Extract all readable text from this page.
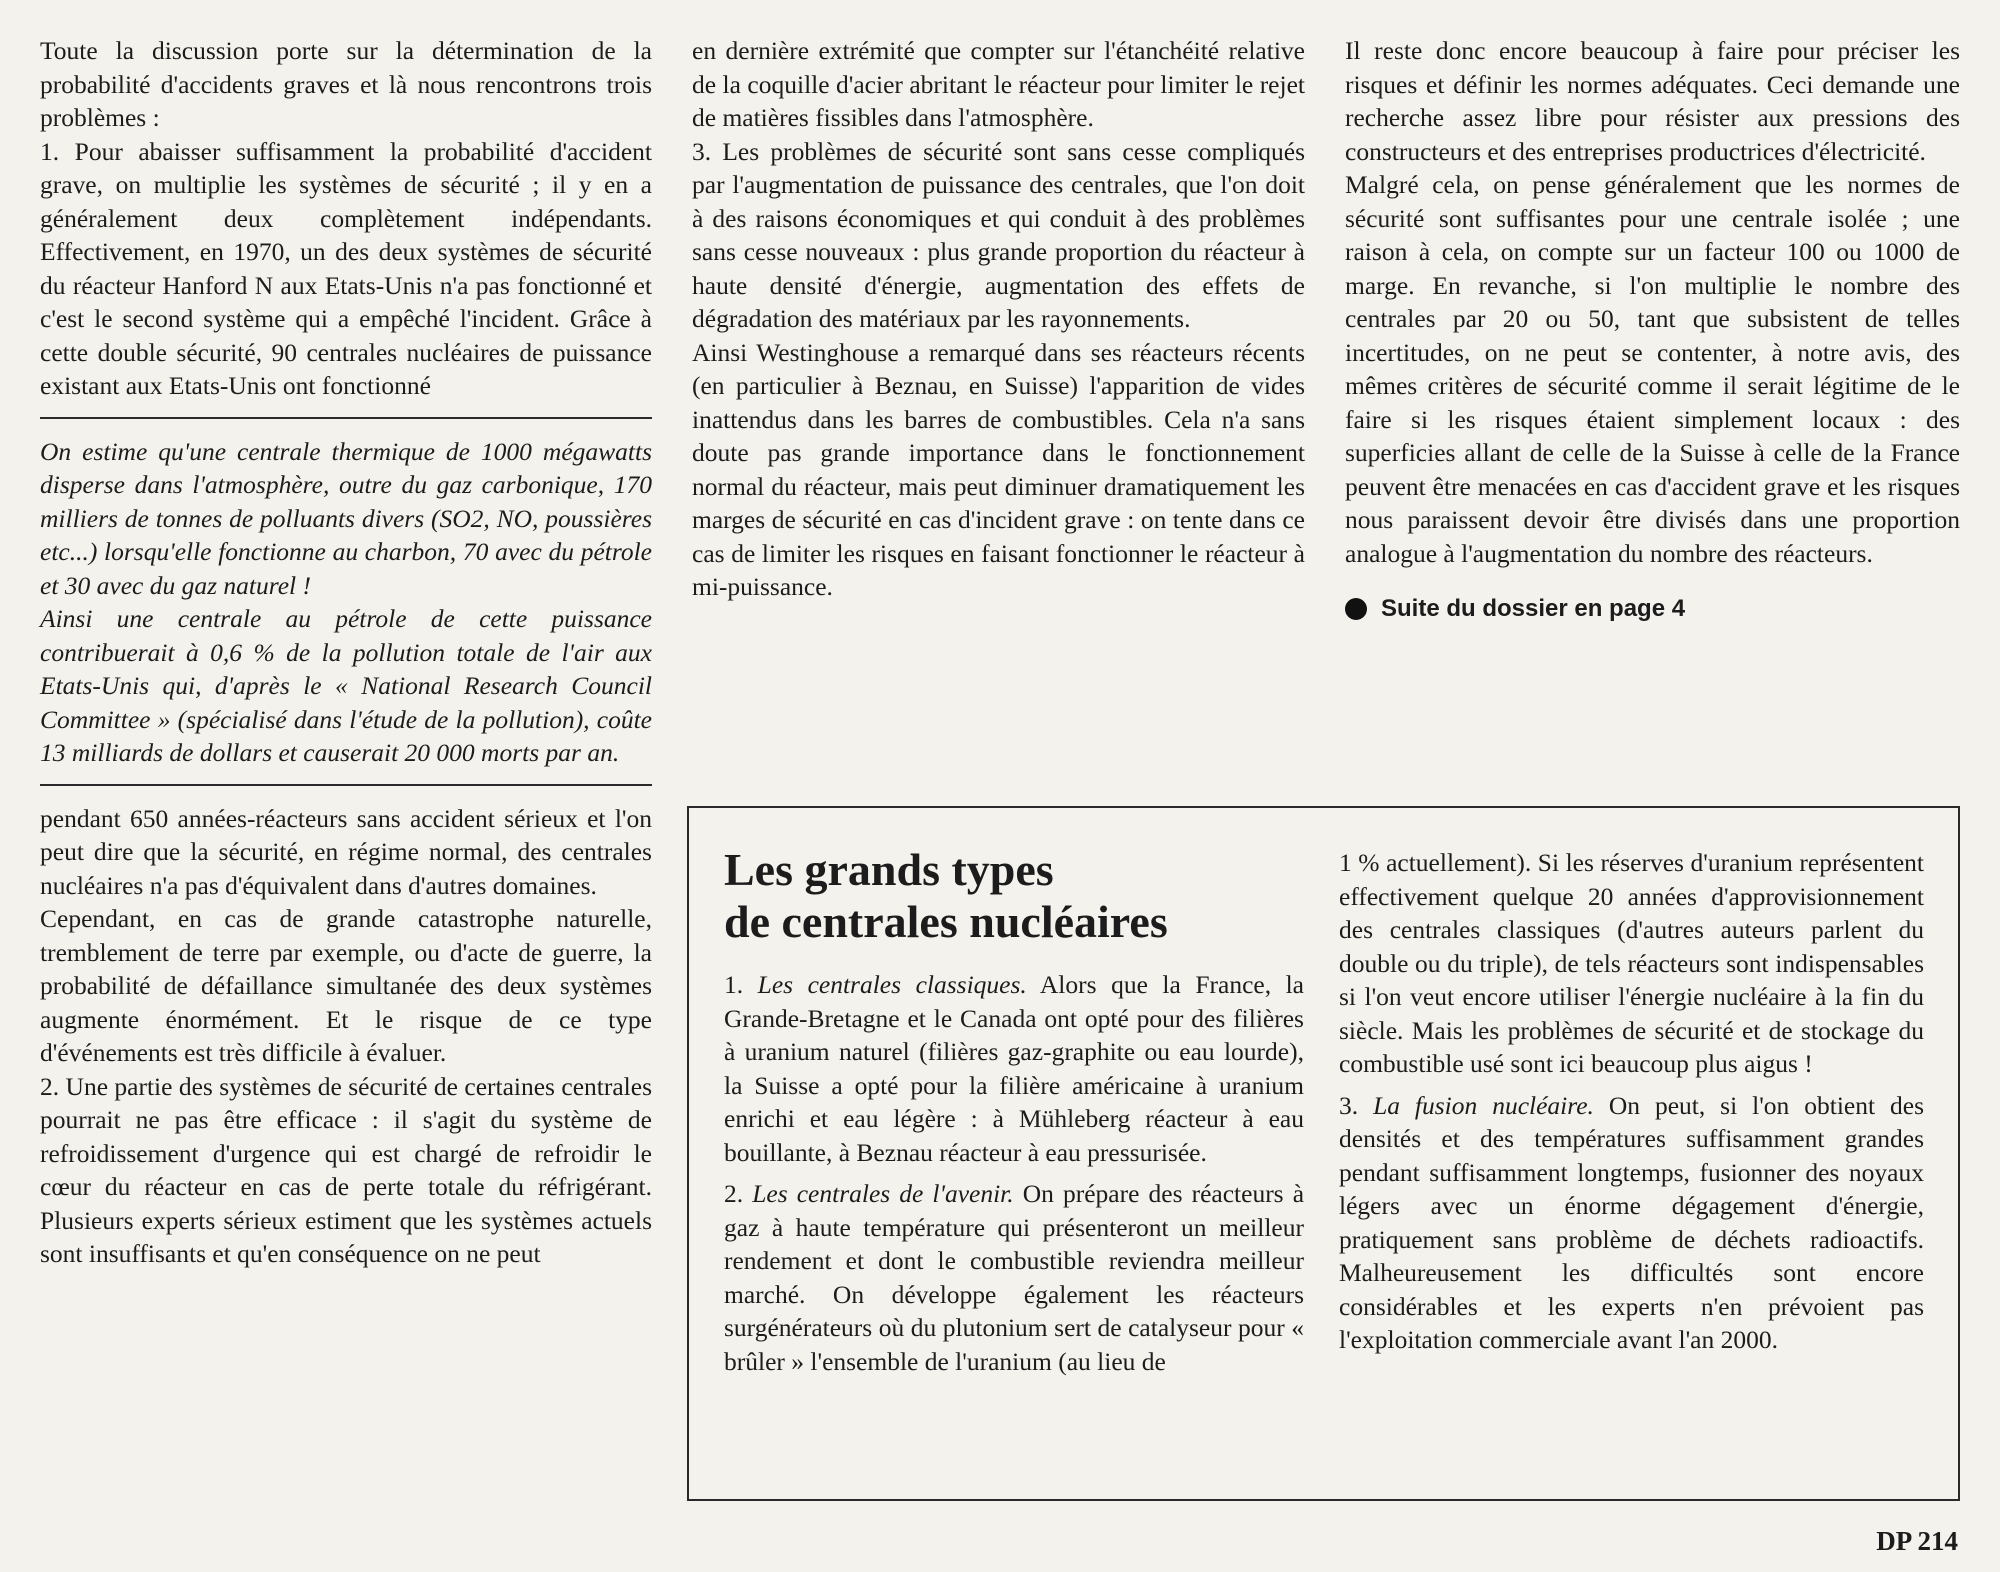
Toute la discussion porte sur la détermination de la probabilité d'accidents graves et là nous rencontrons trois problèmes :

1. Pour abaisser suffisamment la probabilité d'accident grave, on multiplie les systèmes de sécurité ; il y en a généralement deux complètement indépendants. Effectivement, en 1970, un des deux systèmes de sécurité du réacteur Hanford N aux Etats-Unis n'a pas fonctionné et c'est le second système qui a empêché l'incident. Grâce à cette double sécurité, 90 centrales nucléaires de puissance existant aux Etats-Unis ont fonctionné

On estime qu'une centrale thermique de 1000 mégawatts disperse dans l'atmosphère, outre du gaz carbonique, 170 milliers de tonnes de polluants divers (SO2, NO, poussières etc...) lorsqu'elle fonctionne au charbon, 70 avec du pétrole et 30 avec du gaz naturel !

Ainsi une centrale au pétrole de cette puissance contribuerait à 0,6 % de la pollution totale de l'air aux Etats-Unis qui, d'après le « National Research Council Committee » (spécialisé dans l'étude de la pollution), coûte 13 milliards de dollars et causerait 20 000 morts par an.

pendant 650 années-réacteurs sans accident sérieux et l'on peut dire que la sécurité, en régime normal, des centrales nucléaires n'a pas d'équivalent dans d'autres domaines.

Cependant, en cas de grande catastrophe naturelle, tremblement de terre par exemple, ou d'acte de guerre, la probabilité de défaillance simultanée des deux systèmes augmente énormément. Et le risque de ce type d'événements est très difficile à évaluer.

2. Une partie des systèmes de sécurité de certaines centrales pourrait ne pas être efficace : il s'agit du système de refroidissement d'urgence qui est chargé de refroidir le cœur du réacteur en cas de perte totale du réfrigérant. Plusieurs experts sérieux estiment que les systèmes actuels sont insuffisants et qu'en conséquence on ne peut

en dernière extrémité que compter sur l'étanchéité relative de la coquille d'acier abritant le réacteur pour limiter le rejet de matières fissibles dans l'atmosphère.

3. Les problèmes de sécurité sont sans cesse compliqués par l'augmentation de puissance des centrales, que l'on doit à des raisons économiques et qui conduit à des problèmes sans cesse nouveaux : plus grande proportion du réacteur à haute densité d'énergie, augmentation des effets de dégradation des matériaux par les rayonnements.

Ainsi Westinghouse a remarqué dans ses réacteurs récents (en particulier à Beznau, en Suisse) l'apparition de vides inattendus dans les barres de combustibles. Cela n'a sans doute pas grande importance dans le fonctionnement normal du réacteur, mais peut diminuer dramatiquement les marges de sécurité en cas d'incident grave : on tente dans ce cas de limiter les risques en faisant fonctionner le réacteur à mi-puissance.

Il reste donc encore beaucoup à faire pour préciser les risques et définir les normes adéquates. Ceci demande une recherche assez libre pour résister aux pressions des constructeurs et des entreprises productrices d'électricité.

Malgré cela, on pense généralement que les normes de sécurité sont suffisantes pour une centrale isolée ; une raison à cela, on compte sur un facteur 100 ou 1000 de marge. En revanche, si l'on multiplie le nombre des centrales par 20 ou 50, tant que subsistent de telles incertitudes, on ne peut se contenter, à notre avis, des mêmes critères de sécurité comme il serait légitime de le faire si les risques étaient simplement locaux : des superficies allant de celle de la Suisse à celle de la France peuvent être menacées en cas d'accident grave et les risques nous paraissent devoir être divisés dans une proportion analogue à l'augmentation du nombre des réacteurs.

Suite du dossier en page 4
Les grands types
de centrales nucléaires

1. Les centrales classiques. Alors que la France, la Grande-Bretagne et le Canada ont opté pour des filières à uranium naturel (filières gaz-graphite ou eau lourde), la Suisse a opté pour la filière américaine à uranium enrichi et eau légère : à Mühleberg réacteur à eau bouillante, à Beznau réacteur à eau pressurisée.

2. Les centrales de l'avenir. On prépare des réacteurs à gaz à haute température qui présenteront un meilleur rendement et dont le combustible reviendra meilleur marché. On développe également les réacteurs surgénérateurs où du plutonium sert de catalyseur pour « brûler » l'ensemble de l'uranium (au lieu de

1 % actuellement). Si les réserves d'uranium représentent effectivement quelque 20 années d'approvisionnement des centrales classiques (d'autres auteurs parlent du double ou du triple), de tels réacteurs sont indispensables si l'on veut encore utiliser l'énergie nucléaire à la fin du siècle. Mais les problèmes de sécurité et de stockage du combustible usé sont ici beaucoup plus aigus !

3. La fusion nucléaire. On peut, si l'on obtient des densités et des températures suffisamment grandes pendant suffisamment longtemps, fusionner des noyaux légers avec un énorme dégagement d'énergie, pratiquement sans problème de déchets radioactifs. Malheureusement les difficultés sont encore considérables et les experts n'en prévoient pas l'exploitation commerciale avant l'an 2000.

DP 214
